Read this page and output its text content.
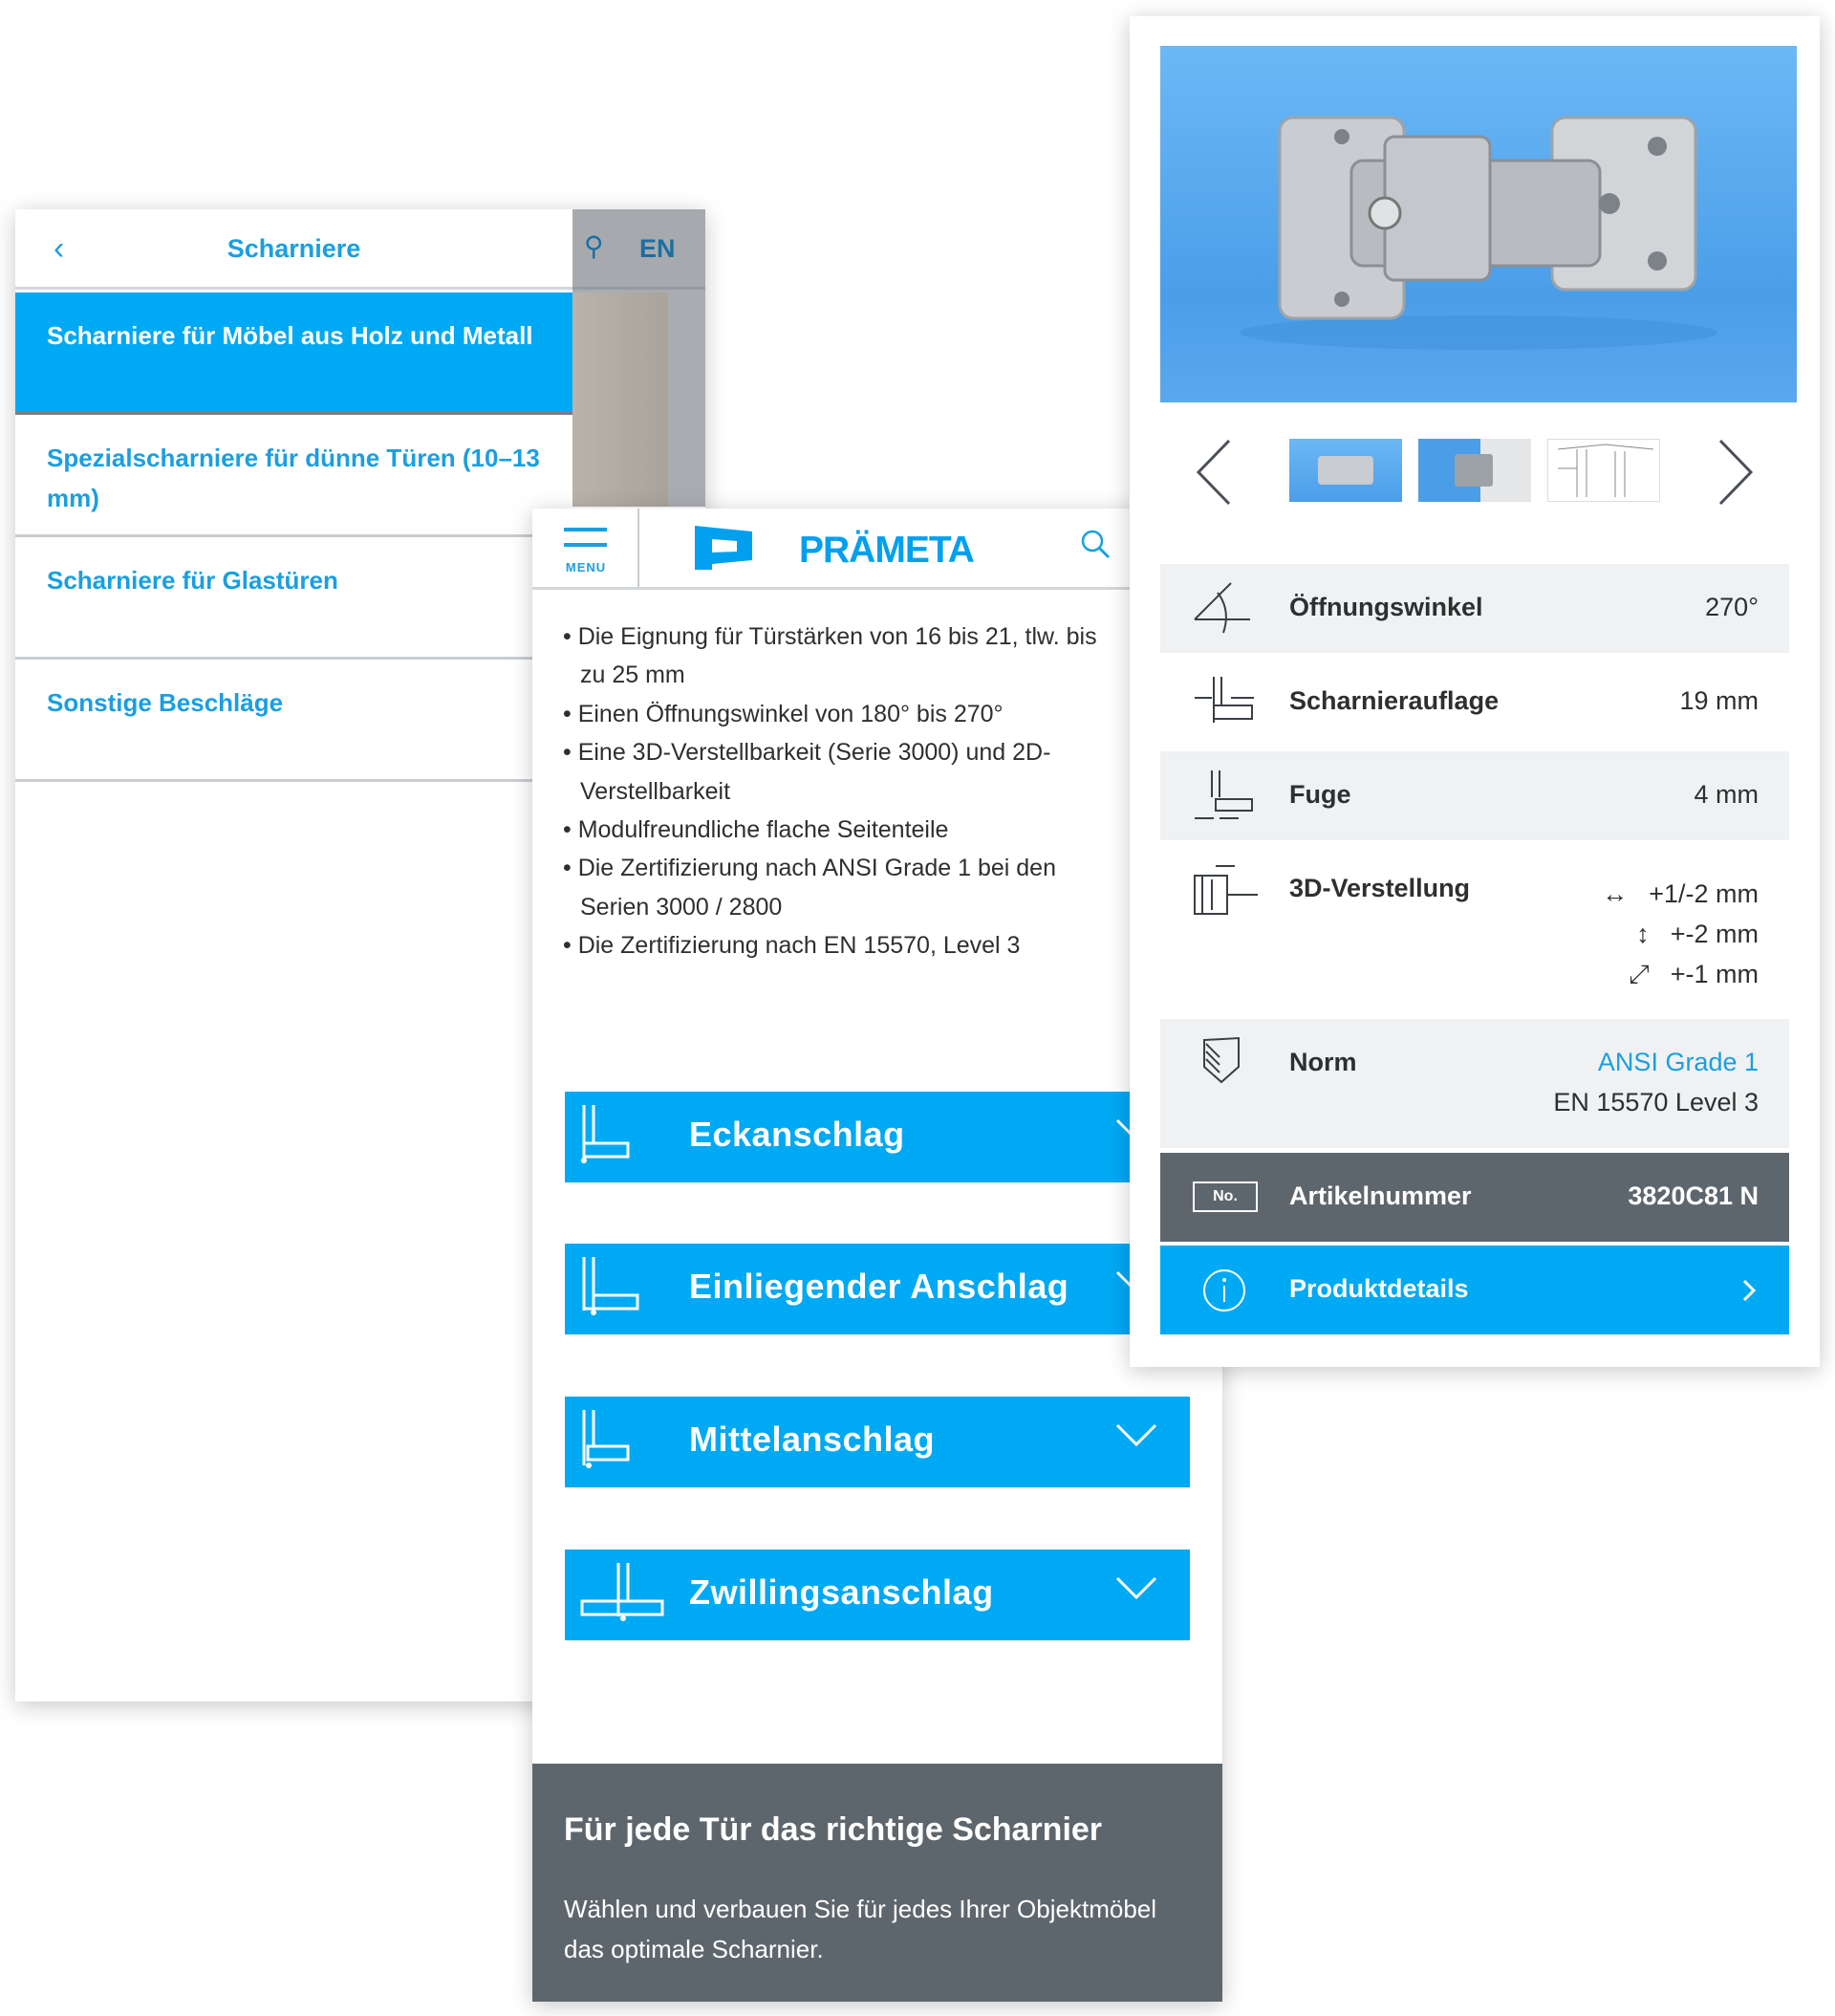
⚲ EN
‹	Scharniere
Scharniere für Möbel aus Holz und Metall
Spezialscharniere für dünne Türen (10–13 mm)
Scharniere für Glastüren
Sonstige Beschläge
MENU	PRÄMETA
• Die Eignung für Türstärken von 16 bis 21, tlw. bis zu 25 mm
• Einen Öffnungswinkel von 180° bis 270°
• Eine 3D-Verstellbarkeit (Serie 3000) und 2D-Verstellbarkeit
• Modulfreundliche flache Seitenteile
• Die Zertifizierung nach ANSI Grade 1 bei den Serien 3000 / 2800
• Die Zertifizierung nach EN 15570, Level 3
Eckanschlag
Einliegender Anschlag
Mittelanschlag
Zwillingsanschlag
Für jede Tür das richtige Scharnier

Wählen und verbauen Sie für jedes Ihrer Objektmöbel das optimale Scharnier.

Öffnungswinkel	270°
Scharnierauflage	19 mm
Fuge	4 mm
3D-Verstellung	↔ +1/-2 mm
↕ +-2 mm
⤢ +-1 mm
Norm	ANSI Grade 1
EN 15570 Level 3
No.	Artikelnummer	3820C81 N
Produktdetails
